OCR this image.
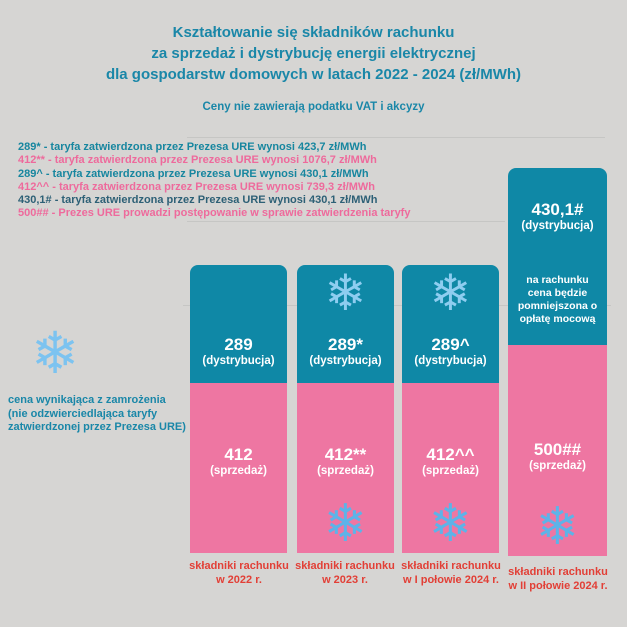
Kształtowanie się składników rachunku
za sprzedaż i dystrybucję energii elektrycznej
dla gospodarstw domowych w latach 2022 - 2024 (zł/MWh)
Ceny nie zawierają podatku VAT i akcyzy
289* - taryfa zatwierdzona przez Prezesa URE wynosi 423,7 zł/MWh
412** - taryfa zatwierdzona przez Prezesa URE wynosi 1076,7 zł/MWh
289^ - taryfa zatwierdzona przez Prezesa URE wynosi 430,1 zł/MWh
412^^ - taryfa zatwierdzona przez Prezesa URE wynosi 739,3 zł/MWh
430,1# - taryfa zatwierdzona przez Prezesa URE wynosi 430,1 zł/MWh
500## - Prezes URE prowadzi postępowanie w sprawie zatwierdzenia taryfy
❄
cena wynikająca z zamrożenia
(nie odzwierciedlająca taryfy
zatwierdzonej przez Prezesa URE)
289
(dystrybucja)
412
(sprzedaż)
❄
289*
(dystrybucja)
412**
(sprzedaż)
❄
❄
289^
(dystrybucja)
412^^
(sprzedaż)
❄
430,1#
(dystrybucja)
na rachunku cena będzie pomniejszona o opłatę mocową
500##
(sprzedaż)
❄
składniki rachunku
w 2022 r.
składniki rachunku
w 2023 r.
składniki rachunku
w I połowie 2024 r.
składniki rachunku
w II połowie 2024 r.
